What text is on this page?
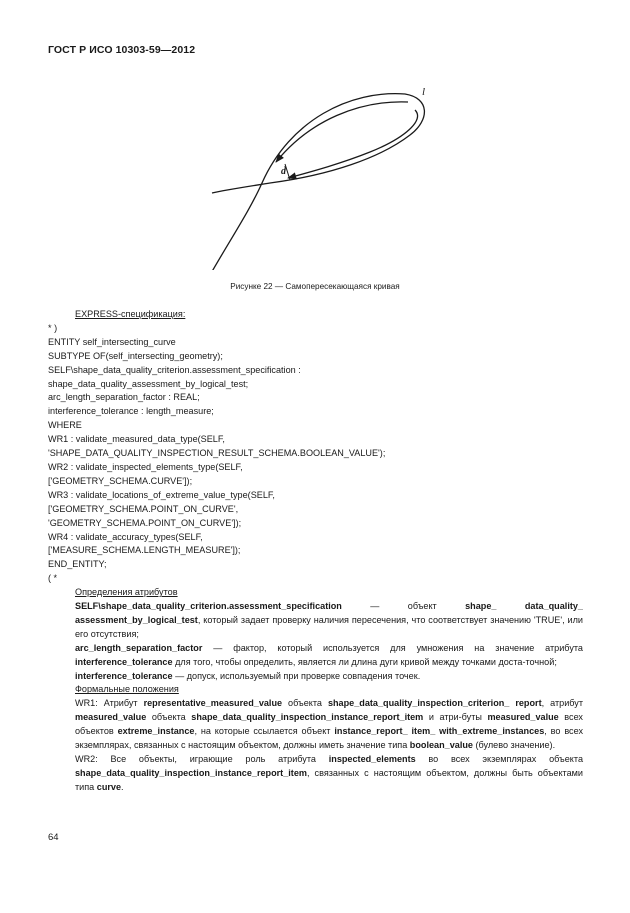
ГОСТ Р ИСО 10303-59—2012
d
l
Рисунке 22 — Самопересекающаяся кривая
EXPRESS-спецификация:
* )
ENTITY self_intersecting_curve
SUBTYPE OF(self_intersecting_geometry);
SELF\shape_data_quality_criterion.assessment_specification :
shape_data_quality_assessment_by_logical_test;
arc_length_separation_factor : REAL;
interference_tolerance : length_measure;
WHERE
WR1 : validate_measured_data_type(SELF,
'SHAPE_DATA_QUALITY_INSPECTION_RESULT_SCHEMA.BOOLEAN_VALUE');
WR2 : validate_inspected_elements_type(SELF,
['GEOMETRY_SCHEMA.CURVE']);
WR3 : validate_locations_of_extreme_value_type(SELF,
['GEOMETRY_SCHEMA.POINT_ON_CURVE',
'GEOMETRY_SCHEMA.POINT_ON_CURVE']);
WR4 : validate_accuracy_types(SELF,
['MEASURE_SCHEMA.LENGTH_MEASURE']);
END_ENTITY;
( *
Определения атрибутов
SELF\shape_data_quality_criterion.assessment_specification — объект shape_ data_quality_ assessment_by_logical_test, который задает проверку наличия пересечения, что соответствует значению 'TRUE', или его отсутствия;
arc_length_separation_factor — фактор, который используется для умножения на значение атрибута interference_tolerance для того, чтобы определить, является ли длина дуги кривой между точками доста-точной;
interference_tolerance — допуск, используемый при проверке совпадения точек.
Формальные положения
WR1: Атрибут representative_measured_value объекта shape_data_quality_inspection_criterion_ report, атрибут measured_value объекта shape_data_quality_inspection_instance_report_item и атри-буты measured_value всех объектов extreme_instance, на которые ссылается объект instance_report_ item_ with_extreme_instances, во всех экземплярах, связанных с настоящим объектом, должны иметь значение типа boolean_value (булево значение).
WR2: Все объекты, играющие роль атрибута inspected_elements во всех экземплярах объекта shape_data_quality_inspection_instance_report_item, связанных с настоящим объектом, должны быть объектами типа curve.
64
